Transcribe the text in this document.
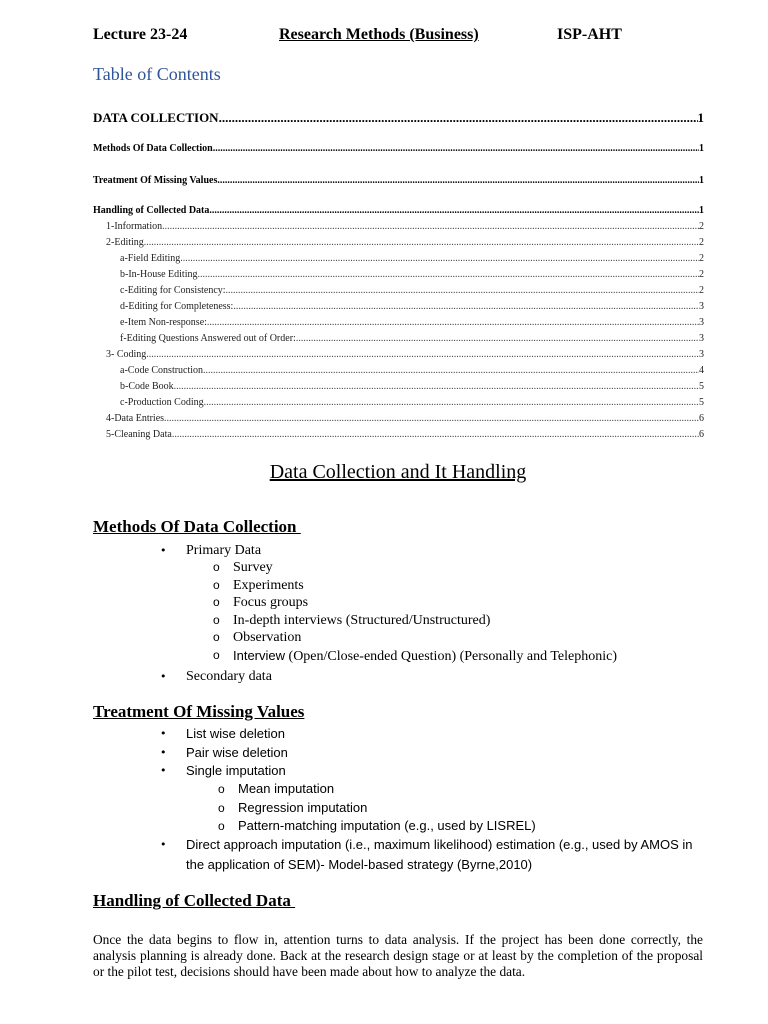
Lecture 23-24	Research Methods (Business)	ISP-AHT
Table of Contents
DATA COLLECTION .....	1
Methods Of Data Collection .....	1
Treatment Of Missing Values .....	1
Handling of Collected Data .....	1
1-Information .....	2
2-Editing .....	2
a-Field Editing .....	2
b-In-House Editing .....	2
c-Editing for Consistency: .....	2
d-Editing for Completeness: .....	3
e-Item Non-response: .....	3
f-Editing Questions Answered out of Order: .....	3
3- Coding .....	3
a-Code Construction .....	4
b-Code Book .....	5
c-Production Coding .....	5
4-Data Entries .....	6
5-Cleaning Data .....	6
Data Collection and It Handling
Methods Of Data Collection
• Primary Data
o Survey
o Experiments
o Focus groups
o In-depth interviews (Structured/Unstructured)
o Observation
o Interview (Open/Close-ended Question) (Personally and Telephonic)
• Secondary data
Treatment Of Missing Values
• List wise deletion
• Pair wise deletion
• Single imputation
o Mean imputation
o Regression imputation
o Pattern-matching imputation (e.g., used by LISREL)
• Direct approach imputation (i.e., maximum likelihood) estimation (e.g., used by AMOS in the application of SEM)- Model-based strategy (Byrne,2010)
Handling of Collected Data
Once the data begins to flow in, attention turns to data analysis. If the project has been done correctly, the analysis planning is already done. Back at the research design stage or at least by the completion of the proposal or the pilot test, decisions should have been made about how to analyze the data.
